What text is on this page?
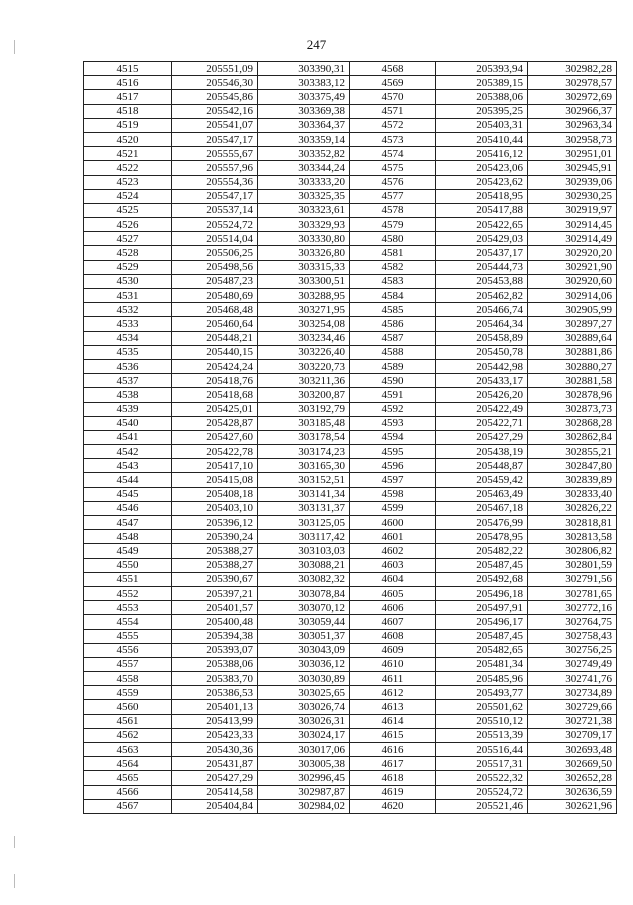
247
4515	205551,09	303390,31	4568	205393,94	302982,28
4516	205546,30	303383,12	4569	205389,15	302978,57
4517	205545,86	303375,49	4570	205388,06	302972,69
4518	205542,16	303369,38	4571	205395,25	302966,37
4519	205541,07	303364,37	4572	205403,31	302963,34
4520	205547,17	303359,14	4573	205410,44	302958,73
4521	205555,67	303352,82	4574	205416,12	302951,01
4522	205557,96	303344,24	4575	205423,06	302945,91
4523	205554,36	303333,20	4576	205423,62	302939,06
4524	205547,17	303325,35	4577	205418,95	302930,25
4525	205537,14	303323,61	4578	205417,88	302919,97
4526	205524,72	303329,93	4579	205422,65	302914,45
4527	205514,04	303330,80	4580	205429,03	302914,49
4528	205506,25	303326,80	4581	205437,17	302920,20
4529	205498,56	303315,33	4582	205444,73	302921,90
4530	205487,23	303300,51	4583	205453,88	302920,60
4531	205480,69	303288,95	4584	205462,82	302914,06
4532	205468,48	303271,95	4585	205466,74	302905,99
4533	205460,64	303254,08	4586	205464,34	302897,27
4534	205448,21	303234,46	4587	205458,89	302889,64
4535	205440,15	303226,40	4588	205450,78	302881,86
4536	205424,24	303220,73	4589	205442,98	302880,27
4537	205418,76	303211,36	4590	205433,17	302881,58
4538	205418,68	303200,87	4591	205426,20	302878,96
4539	205425,01	303192,79	4592	205422,49	302873,73
4540	205428,87	303185,48	4593	205422,71	302868,28
4541	205427,60	303178,54	4594	205427,29	302862,84
4542	205422,78	303174,23	4595	205438,19	302855,21
4543	205417,10	303165,30	4596	205448,87	302847,80
4544	205415,08	303152,51	4597	205459,42	302839,89
4545	205408,18	303141,34	4598	205463,49	302833,40
4546	205403,10	303131,37	4599	205467,18	302826,22
4547	205396,12	303125,05	4600	205476,99	302818,81
4548	205390,24	303117,42	4601	205478,95	302813,58
4549	205388,27	303103,03	4602	205482,22	302806,82
4550	205388,27	303088,21	4603	205487,45	302801,59
4551	205390,67	303082,32	4604	205492,68	302791,56
4552	205397,21	303078,84	4605	205496,18	302781,65
4553	205401,57	303070,12	4606	205497,91	302772,16
4554	205400,48	303059,44	4607	205496,17	302764,75
4555	205394,38	303051,37	4608	205487,45	302758,43
4556	205393,07	303043,09	4609	205482,65	302756,25
4557	205388,06	303036,12	4610	205481,34	302749,49
4558	205383,70	303030,89	4611	205485,96	302741,76
4559	205386,53	303025,65	4612	205493,77	302734,89
4560	205401,13	303026,74	4613	205501,62	302729,66
4561	205413,99	303026,31	4614	205510,12	302721,38
4562	205423,33	303024,17	4615	205513,39	302709,17
4563	205430,36	303017,06	4616	205516,44	302693,48
4564	205431,87	303005,38	4617	205517,31	302669,50
4565	205427,29	302996,45	4618	205522,32	302652,28
4566	205414,58	302987,87	4619	205524,72	302636,59
4567	205404,84	302984,02	4620	205521,46	302621,96
